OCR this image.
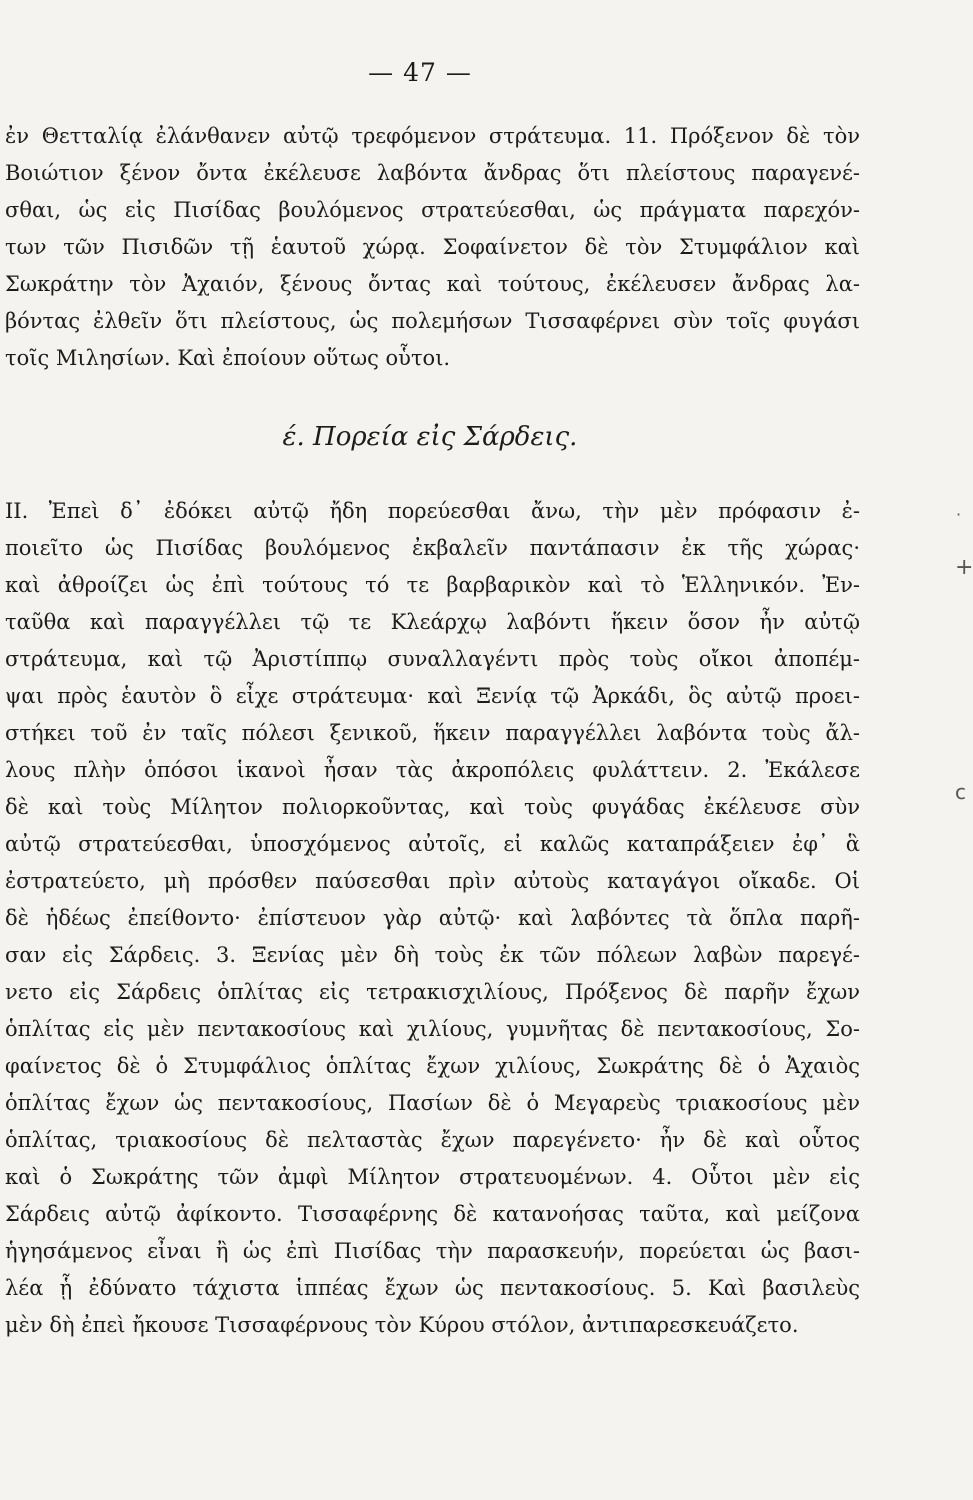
— 47 —
ἐν Θετταλίᾳ ἐλάνθανεν αὐτῷ τρεφόμενον στράτευμα. 11. Πρόξενον δὲ τὸν
Βοιώτιον ξένον ὄντα ἐκέλευσε λαβόντα ἄνδρας ὅτι πλείστους παραγενέ-
σθαι, ὡς εἰς Πισίδας βουλόμενος στρατεύεσθαι, ὡς πράγματα παρεχόν-
των τῶν Πισιδῶν τῇ ἑαυτοῦ χώρᾳ. Σοφαίνετον δὲ τὸν Στυμφάλιον καὶ
Σωκράτην τὸν Ἀχαιόν, ξένους ὄντας καὶ τούτους, ἐκέλευσεν ἄνδρας λα-
βόντας ἐλθεῖν ὅτι πλείστους, ὡς πολεμήσων Τισσαφέρνει σὺν τοῖς φυγάσι
τοῖς Μιλησίων. Καὶ ἐποίουν οὕτως οὗτοι.
έ. Πορεία εἰς Σάρδεις.
II. Ἐπεὶ δ᾽ ἐδόκει αὐτῷ ἤδη πορεύεσθαι ἄνω, τὴν μὲν πρόφασιν ἐ-
ποιεῖτο ὡς Πισίδας βουλόμενος ἐκβαλεῖν παντάπασιν ἐκ τῆς χώρας·
καὶ ἀθροίζει ὡς ἐπὶ τούτους τό τε βαρβαρικὸν καὶ τὸ Ἑλληνικόν. Ἐν-
ταῦθα καὶ παραγγέλλει τῷ τε Κλεάρχῳ λαβόντι ἥκειν ὅσον ἦν αὐτῷ
στράτευμα, καὶ τῷ Ἀριστίππῳ συναλλαγέντι πρὸς τοὺς οἴκοι ἀποπέμ-
ψαι πρὸς ἑαυτὸν ὃ εἶχε στράτευμα· καὶ Ξενίᾳ τῷ Ἀρκάδι, ὃς αὐτῷ προει-
στήκει τοῦ ἐν ταῖς πόλεσι ξενικοῦ, ἥκειν παραγγέλλει λαβόντα τοὺς ἄλ-
λους πλὴν ὁπόσοι ἱκανοὶ ἦσαν τὰς ἀκροπόλεις φυλάττειν. 2. Ἐκάλεσε
δὲ καὶ τοὺς Μίλητον πολιορκοῦντας, καὶ τοὺς φυγάδας ἐκέλευσε σὺν
αὐτῷ στρατεύεσθαι, ὑποσχόμενος αὐτοῖς, εἰ καλῶς καταπράξειεν ἐφ᾽ ἃ
ἐστρατεύετο, μὴ πρόσθεν παύσεσθαι πρὶν αὐτοὺς καταγάγοι οἴκαδε. Οἱ
δὲ ἡδέως ἐπείθοντο· ἐπίστευον γὰρ αὐτῷ· καὶ λαβόντες τὰ ὅπλα παρῆ-
σαν εἰς Σάρδεις. 3. Ξενίας μὲν δὴ τοὺς ἐκ τῶν πόλεων λαβὼν παρεγέ-
νετο εἰς Σάρδεις ὁπλίτας εἰς τετρακισχιλίους, Πρόξενος δὲ παρῆν ἔχων
ὁπλίτας εἰς μὲν πεντακοσίους καὶ χιλίους, γυμνῆτας δὲ πεντακοσίους, Σο-
φαίνετος δὲ ὁ Στυμφάλιος ὁπλίτας ἔχων χιλίους, Σωκράτης δὲ ὁ Ἀχαιὸς
ὁπλίτας ἔχων ὡς πεντακοσίους, Πασίων δὲ ὁ Μεγαρεὺς τριακοσίους μὲν
ὁπλίτας, τριακοσίους δὲ πελταστὰς ἔχων παρεγένετο· ἦν δὲ καὶ οὗτος
καὶ ὁ Σωκράτης τῶν ἀμφὶ Μίλητον στρατευομένων. 4. Οὗτοι μὲν εἰς
Σάρδεις αὐτῷ ἀφίκοντο. Τισσαφέρνης δὲ κατανοήσας ταῦτα, καὶ μείζονα
ἡγησάμενος εἶναι ἢ ὡς ἐπὶ Πισίδας τὴν παρασκευήν, πορεύεται ὡς βασι-
λέα ᾗ ἐδύνατο τάχιστα ἱππέας ἔχων ὡς πεντακοσίους. 5. Καὶ βασιλεὺς
μὲν δὴ ἐπεὶ ἤκουσε Τισσαφέρνους τὸν Κύρου στόλον, ἀντιπαρεσκευάζετο.
+
c
·
